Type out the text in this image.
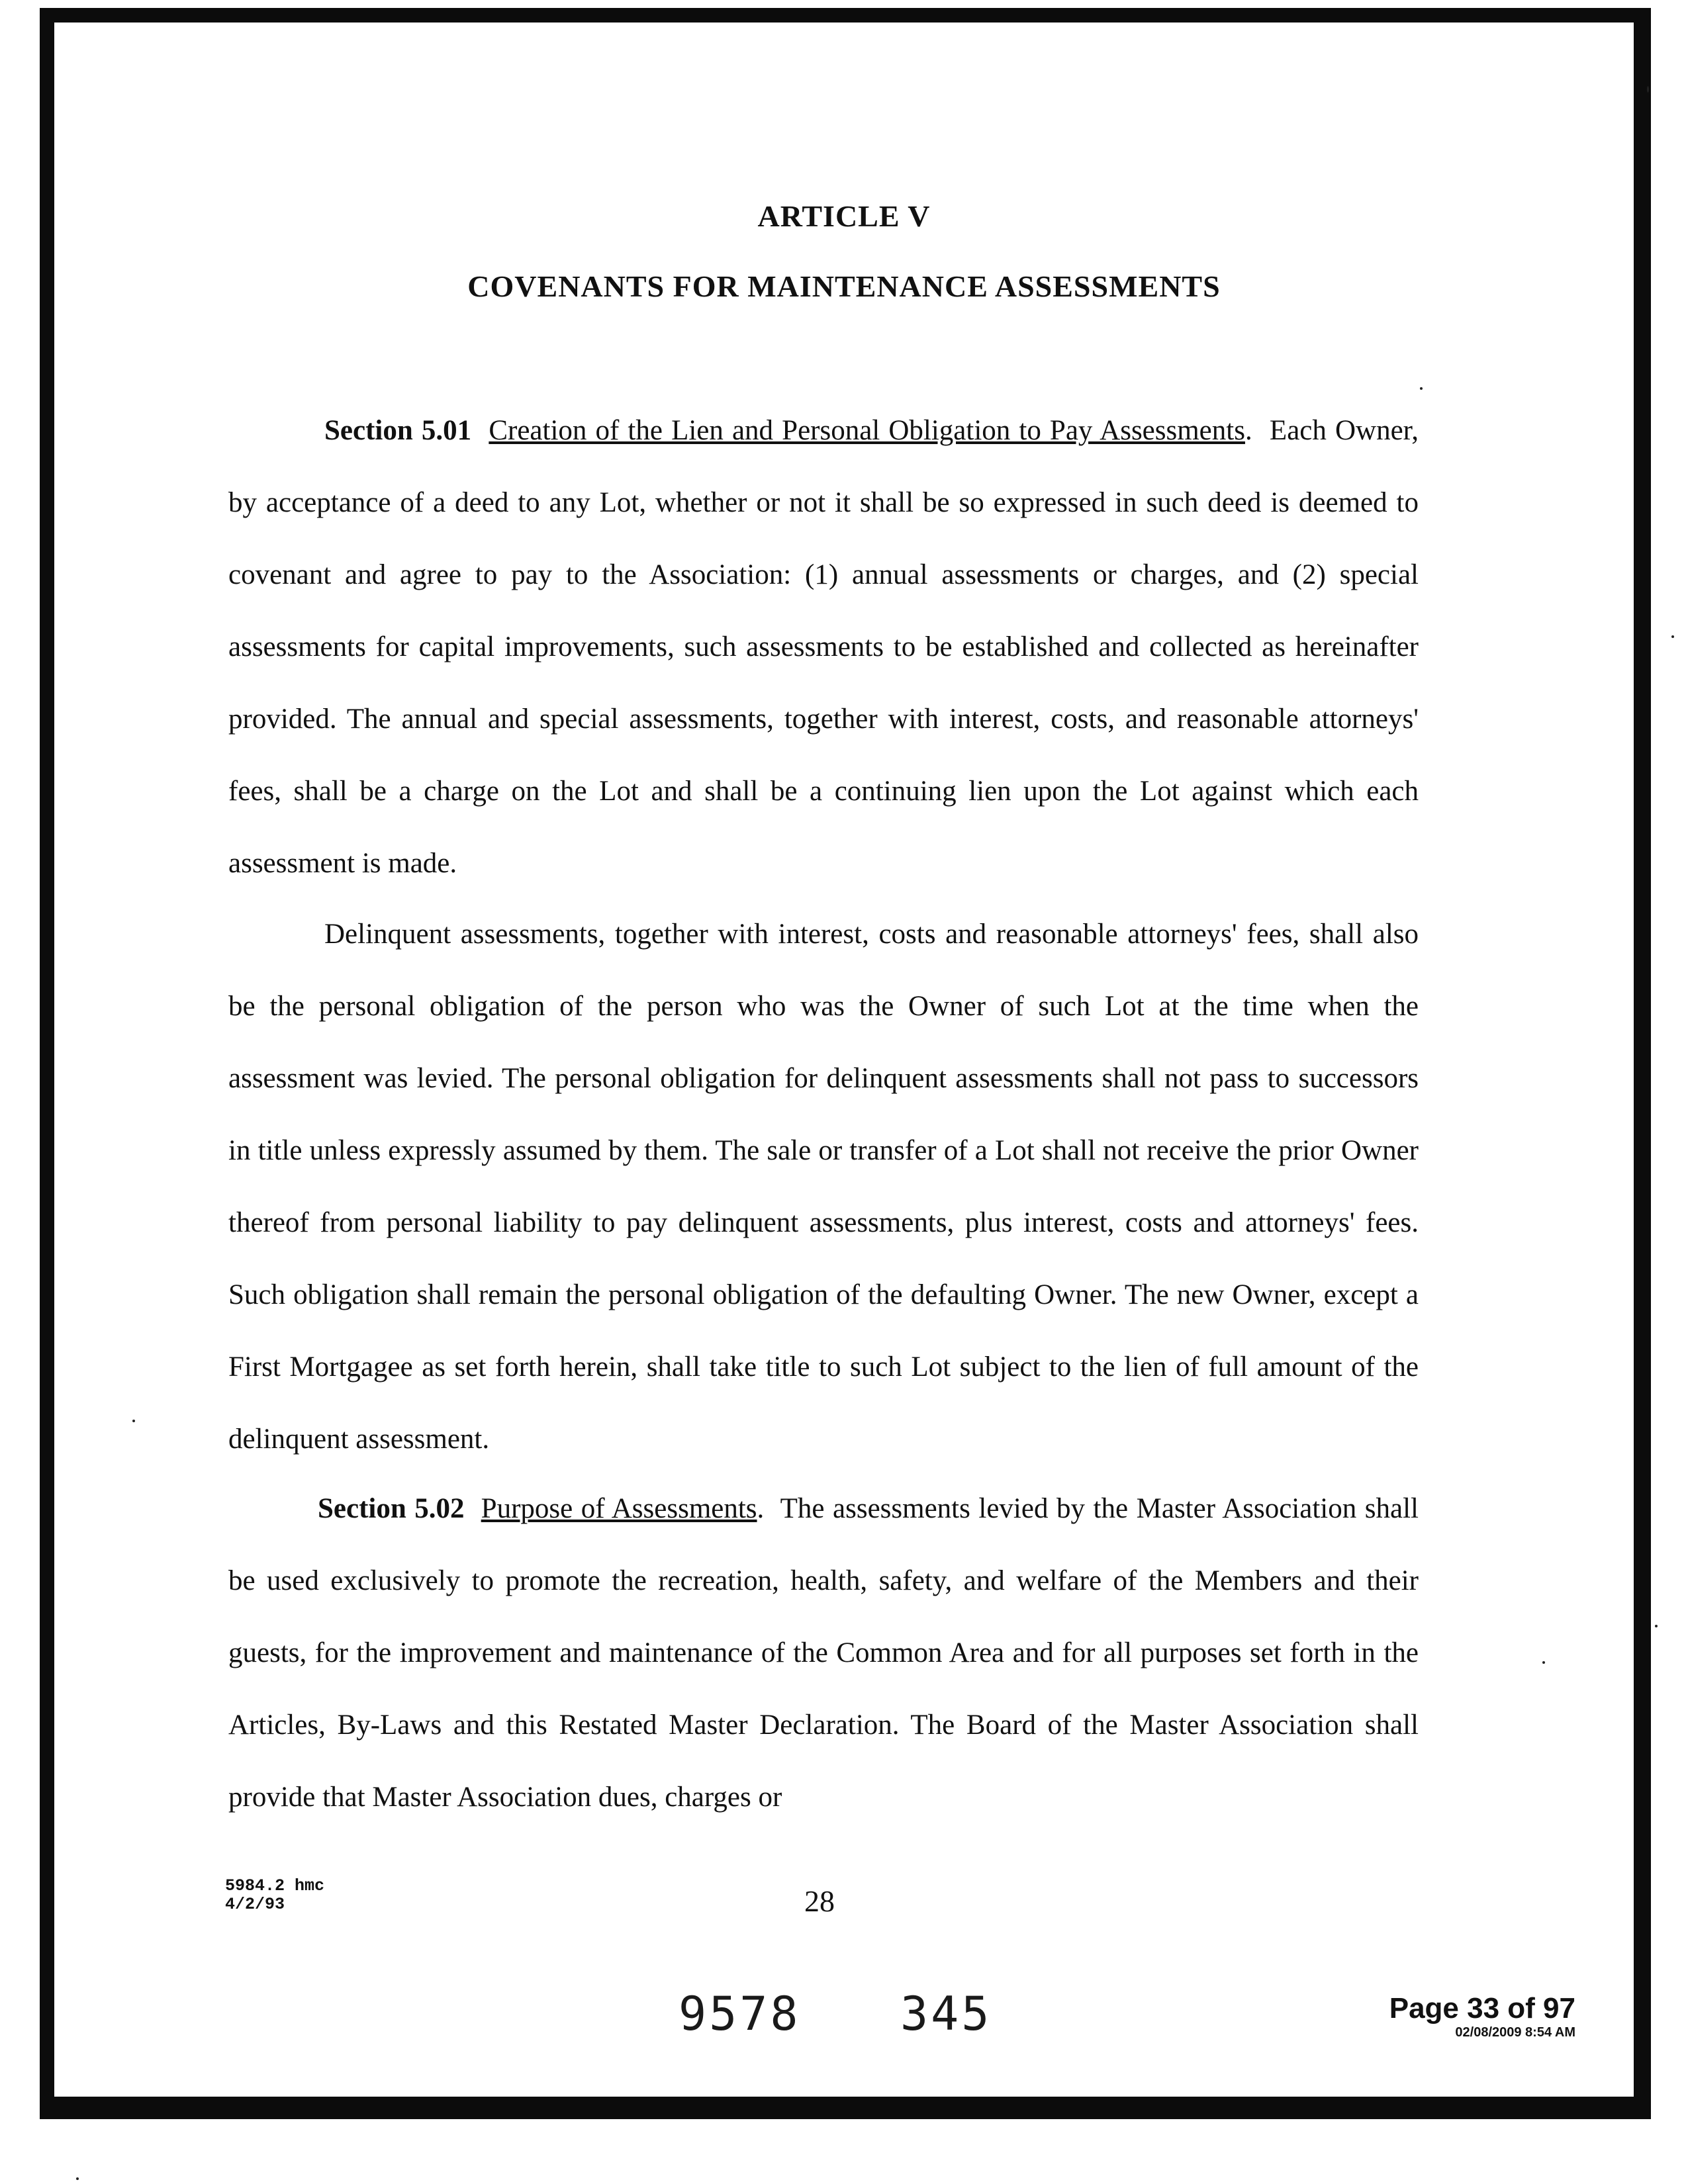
ARTICLE V
COVENANTS FOR MAINTENANCE ASSESSMENTS
Section 5.01 Creation of the Lien and Personal Obligation to Pay Assessments.  Each Owner, by acceptance of a deed to any Lot, whether or not it shall be so expressed in such deed is deemed to covenant and agree to pay to the Association: (1) annual assessments or charges, and (2) special assessments for capital improvements, such assessments to be established and collected as hereinafter provided. The annual and special assessments, together with interest, costs, and reasonable attorneys' fees, shall be a charge on the Lot and shall be a continuing lien upon the Lot against which each assessment is made.
Delinquent assessments, together with interest, costs and reasonable attorneys' fees, shall also be the personal obligation of the person who was the Owner of such Lot at the time when the assessment was levied. The personal obligation for delinquent assessments shall not pass to successors in title unless expressly assumed by them. The sale or transfer of a Lot shall not receive the prior Owner thereof from personal liability to pay delinquent assessments, plus interest, costs and attorneys' fees. Such obligation shall remain the personal obligation of the defaulting Owner. The new Owner, except a First Mortgagee as set forth herein, shall take title to such Lot subject to the lien of full amount of the delinquent assessment.
Section 5.02 Purpose of Assessments.  The assessments levied by the Master Association shall be used exclusively to promote the recreation, health, safety, and welfare of the Members and their guests, for the improvement and maintenance of the Common Area and for all purposes set forth in the Articles, By-Laws and this Restated Master Declaration. The Board of the Master Association shall provide that Master Association dues, charges or
5984.2 hmc
4/2/93	28
9578 345	Page 33 of 97
02/08/2009 8:54 AM
